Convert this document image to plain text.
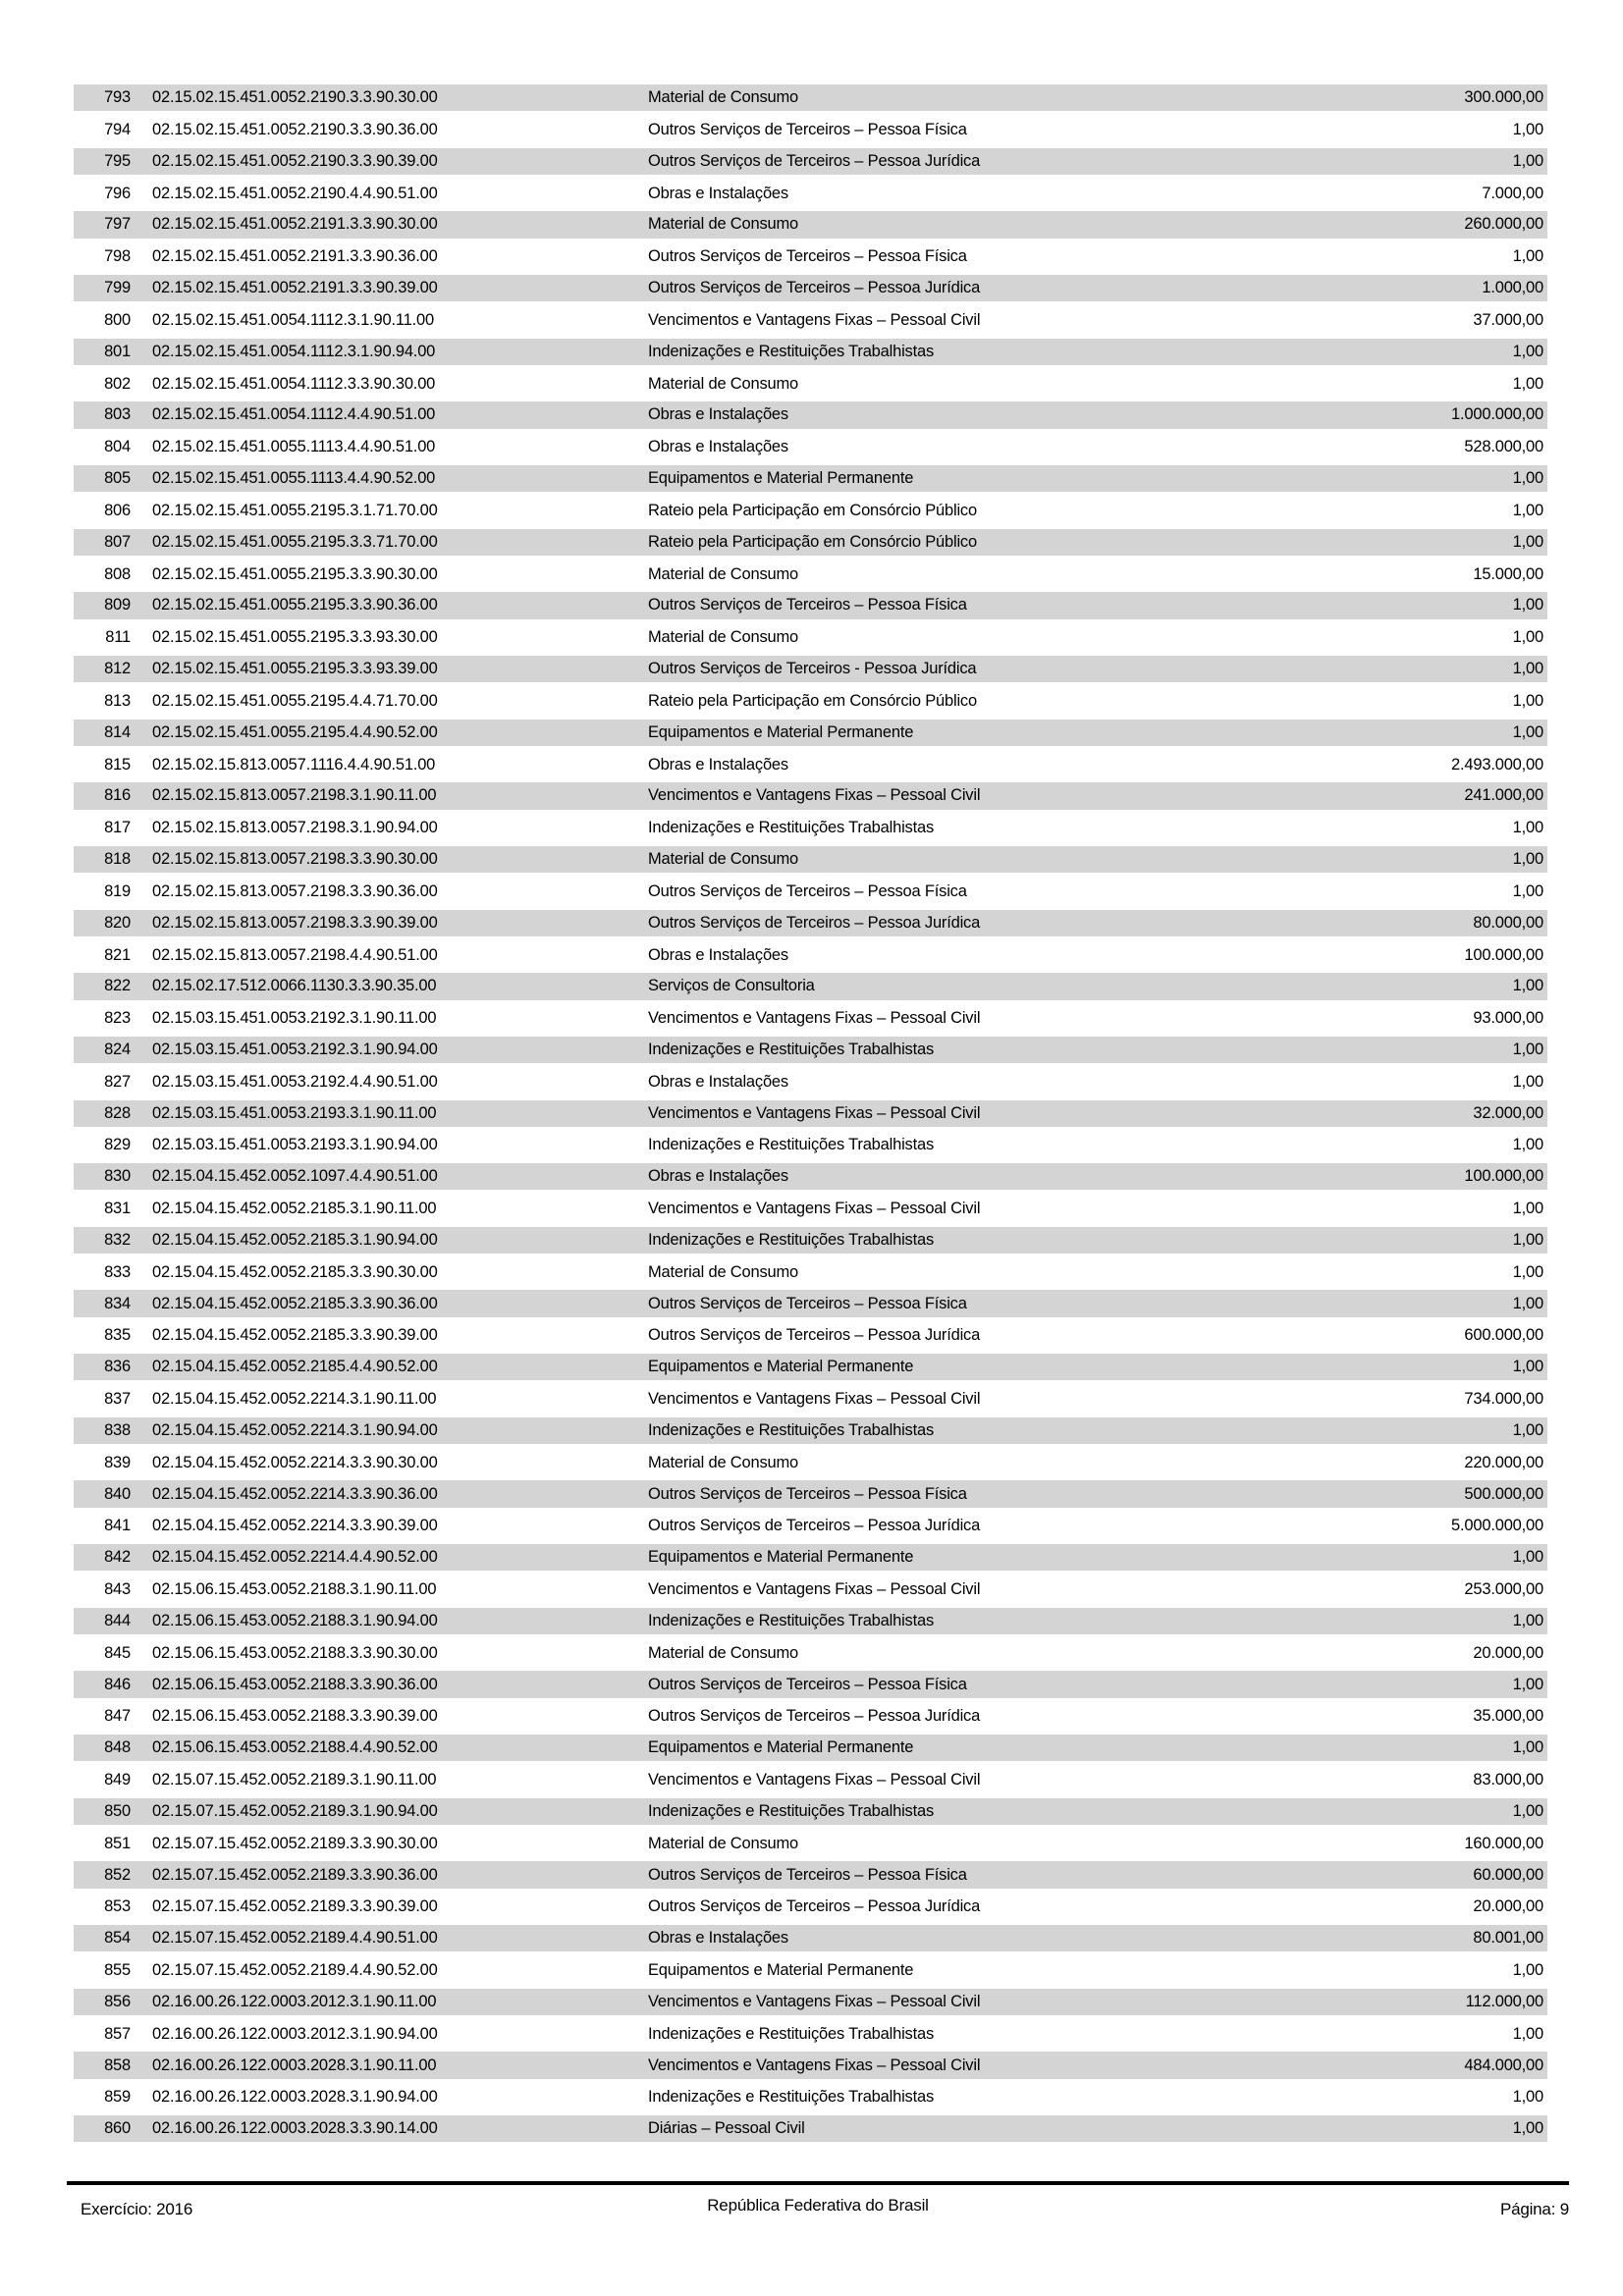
793 02.15.02.15.451.0052.2190.3.3.90.30.00	Material de Consumo	300.000,00
794 02.15.02.15.451.0052.2190.3.3.90.36.00	Outros Serviços de Terceiros – Pessoa Física	1,00
795 02.15.02.15.451.0052.2190.3.3.90.39.00	Outros Serviços de Terceiros – Pessoa Jurídica	1,00
796 02.15.02.15.451.0052.2190.4.4.90.51.00	Obras e Instalações	7.000,00
797 02.15.02.15.451.0052.2191.3.3.90.30.00	Material de Consumo	260.000,00
798 02.15.02.15.451.0052.2191.3.3.90.36.00	Outros Serviços de Terceiros – Pessoa Física	1,00
799 02.15.02.15.451.0052.2191.3.3.90.39.00	Outros Serviços de Terceiros – Pessoa Jurídica	1.000,00
800 02.15.02.15.451.0054.1112.3.1.90.11.00	Vencimentos e Vantagens Fixas – Pessoal Civil	37.000,00
801 02.15.02.15.451.0054.1112.3.1.90.94.00	Indenizações e Restituições Trabalhistas	1,00
802 02.15.02.15.451.0054.1112.3.3.90.30.00	Material de Consumo	1,00
803 02.15.02.15.451.0054.1112.4.4.90.51.00	Obras e Instalações	1.000.000,00
804 02.15.02.15.451.0055.1113.4.4.90.51.00	Obras e Instalações	528.000,00
805 02.15.02.15.451.0055.1113.4.4.90.52.00	Equipamentos e Material Permanente	1,00
806 02.15.02.15.451.0055.2195.3.1.71.70.00	Rateio pela Participação em Consórcio Público	1,00
807 02.15.02.15.451.0055.2195.3.3.71.70.00	Rateio pela Participação em Consórcio Público	1,00
808 02.15.02.15.451.0055.2195.3.3.90.30.00	Material de Consumo	15.000,00
809 02.15.02.15.451.0055.2195.3.3.90.36.00	Outros Serviços de Terceiros – Pessoa Física	1,00
811 02.15.02.15.451.0055.2195.3.3.93.30.00	Material de Consumo	1,00
812 02.15.02.15.451.0055.2195.3.3.93.39.00	Outros Serviços de Terceiros - Pessoa Jurídica	1,00
813 02.15.02.15.451.0055.2195.4.4.71.70.00	Rateio pela Participação em Consórcio Público	1,00
814 02.15.02.15.451.0055.2195.4.4.90.52.00	Equipamentos e Material Permanente	1,00
815 02.15.02.15.813.0057.1116.4.4.90.51.00	Obras e Instalações	2.493.000,00
816 02.15.02.15.813.0057.2198.3.1.90.11.00	Vencimentos e Vantagens Fixas – Pessoal Civil	241.000,00
817 02.15.02.15.813.0057.2198.3.1.90.94.00	Indenizações e Restituições Trabalhistas	1,00
818 02.15.02.15.813.0057.2198.3.3.90.30.00	Material de Consumo	1,00
819 02.15.02.15.813.0057.2198.3.3.90.36.00	Outros Serviços de Terceiros – Pessoa Física	1,00
820 02.15.02.15.813.0057.2198.3.3.90.39.00	Outros Serviços de Terceiros – Pessoa Jurídica	80.000,00
821 02.15.02.15.813.0057.2198.4.4.90.51.00	Obras e Instalações	100.000,00
822 02.15.02.17.512.0066.1130.3.3.90.35.00	Serviços de Consultoria	1,00
823 02.15.03.15.451.0053.2192.3.1.90.11.00	Vencimentos e Vantagens Fixas – Pessoal Civil	93.000,00
824 02.15.03.15.451.0053.2192.3.1.90.94.00	Indenizações e Restituições Trabalhistas	1,00
827 02.15.03.15.451.0053.2192.4.4.90.51.00	Obras e Instalações	1,00
828 02.15.03.15.451.0053.2193.3.1.90.11.00	Vencimentos e Vantagens Fixas – Pessoal Civil	32.000,00
829 02.15.03.15.451.0053.2193.3.1.90.94.00	Indenizações e Restituições Trabalhistas	1,00
830 02.15.04.15.452.0052.1097.4.4.90.51.00	Obras e Instalações	100.000,00
831 02.15.04.15.452.0052.2185.3.1.90.11.00	Vencimentos e Vantagens Fixas – Pessoal Civil	1,00
832 02.15.04.15.452.0052.2185.3.1.90.94.00	Indenizações e Restituições Trabalhistas	1,00
833 02.15.04.15.452.0052.2185.3.3.90.30.00	Material de Consumo	1,00
834 02.15.04.15.452.0052.2185.3.3.90.36.00	Outros Serviços de Terceiros – Pessoa Física	1,00
835 02.15.04.15.452.0052.2185.3.3.90.39.00	Outros Serviços de Terceiros – Pessoa Jurídica	600.000,00
836 02.15.04.15.452.0052.2185.4.4.90.52.00	Equipamentos e Material Permanente	1,00
837 02.15.04.15.452.0052.2214.3.1.90.11.00	Vencimentos e Vantagens Fixas – Pessoal Civil	734.000,00
838 02.15.04.15.452.0052.2214.3.1.90.94.00	Indenizações e Restituições Trabalhistas	1,00
839 02.15.04.15.452.0052.2214.3.3.90.30.00	Material de Consumo	220.000,00
840 02.15.04.15.452.0052.2214.3.3.90.36.00	Outros Serviços de Terceiros – Pessoa Física	500.000,00
841 02.15.04.15.452.0052.2214.3.3.90.39.00	Outros Serviços de Terceiros – Pessoa Jurídica	5.000.000,00
842 02.15.04.15.452.0052.2214.4.4.90.52.00	Equipamentos e Material Permanente	1,00
843 02.15.06.15.453.0052.2188.3.1.90.11.00	Vencimentos e Vantagens Fixas – Pessoal Civil	253.000,00
844 02.15.06.15.453.0052.2188.3.1.90.94.00	Indenizações e Restituições Trabalhistas	1,00
845 02.15.06.15.453.0052.2188.3.3.90.30.00	Material de Consumo	20.000,00
846 02.15.06.15.453.0052.2188.3.3.90.36.00	Outros Serviços de Terceiros – Pessoa Física	1,00
847 02.15.06.15.453.0052.2188.3.3.90.39.00	Outros Serviços de Terceiros – Pessoa Jurídica	35.000,00
848 02.15.06.15.453.0052.2188.4.4.90.52.00	Equipamentos e Material Permanente	1,00
849 02.15.07.15.452.0052.2189.3.1.90.11.00	Vencimentos e Vantagens Fixas – Pessoal Civil	83.000,00
850 02.15.07.15.452.0052.2189.3.1.90.94.00	Indenizações e Restituições Trabalhistas	1,00
851 02.15.07.15.452.0052.2189.3.3.90.30.00	Material de Consumo	160.000,00
852 02.15.07.15.452.0052.2189.3.3.90.36.00	Outros Serviços de Terceiros – Pessoa Física	60.000,00
853 02.15.07.15.452.0052.2189.3.3.90.39.00	Outros Serviços de Terceiros – Pessoa Jurídica	20.000,00
854 02.15.07.15.452.0052.2189.4.4.90.51.00	Obras e Instalações	80.001,00
855 02.15.07.15.452.0052.2189.4.4.90.52.00	Equipamentos e Material Permanente	1,00
856 02.16.00.26.122.0003.2012.3.1.90.11.00	Vencimentos e Vantagens Fixas – Pessoal Civil	112.000,00
857 02.16.00.26.122.0003.2012.3.1.90.94.00	Indenizações e Restituições Trabalhistas	1,00
858 02.16.00.26.122.0003.2028.3.1.90.11.00	Vencimentos e Vantagens Fixas – Pessoal Civil	484.000,00
859 02.16.00.26.122.0003.2028.3.1.90.94.00	Indenizações e Restituições Trabalhistas	1,00
860 02.16.00.26.122.0003.2028.3.3.90.14.00	Diárias – Pessoal Civil	1,00
Exercício: 2016	República Federativa do Brasil	Página: 9
